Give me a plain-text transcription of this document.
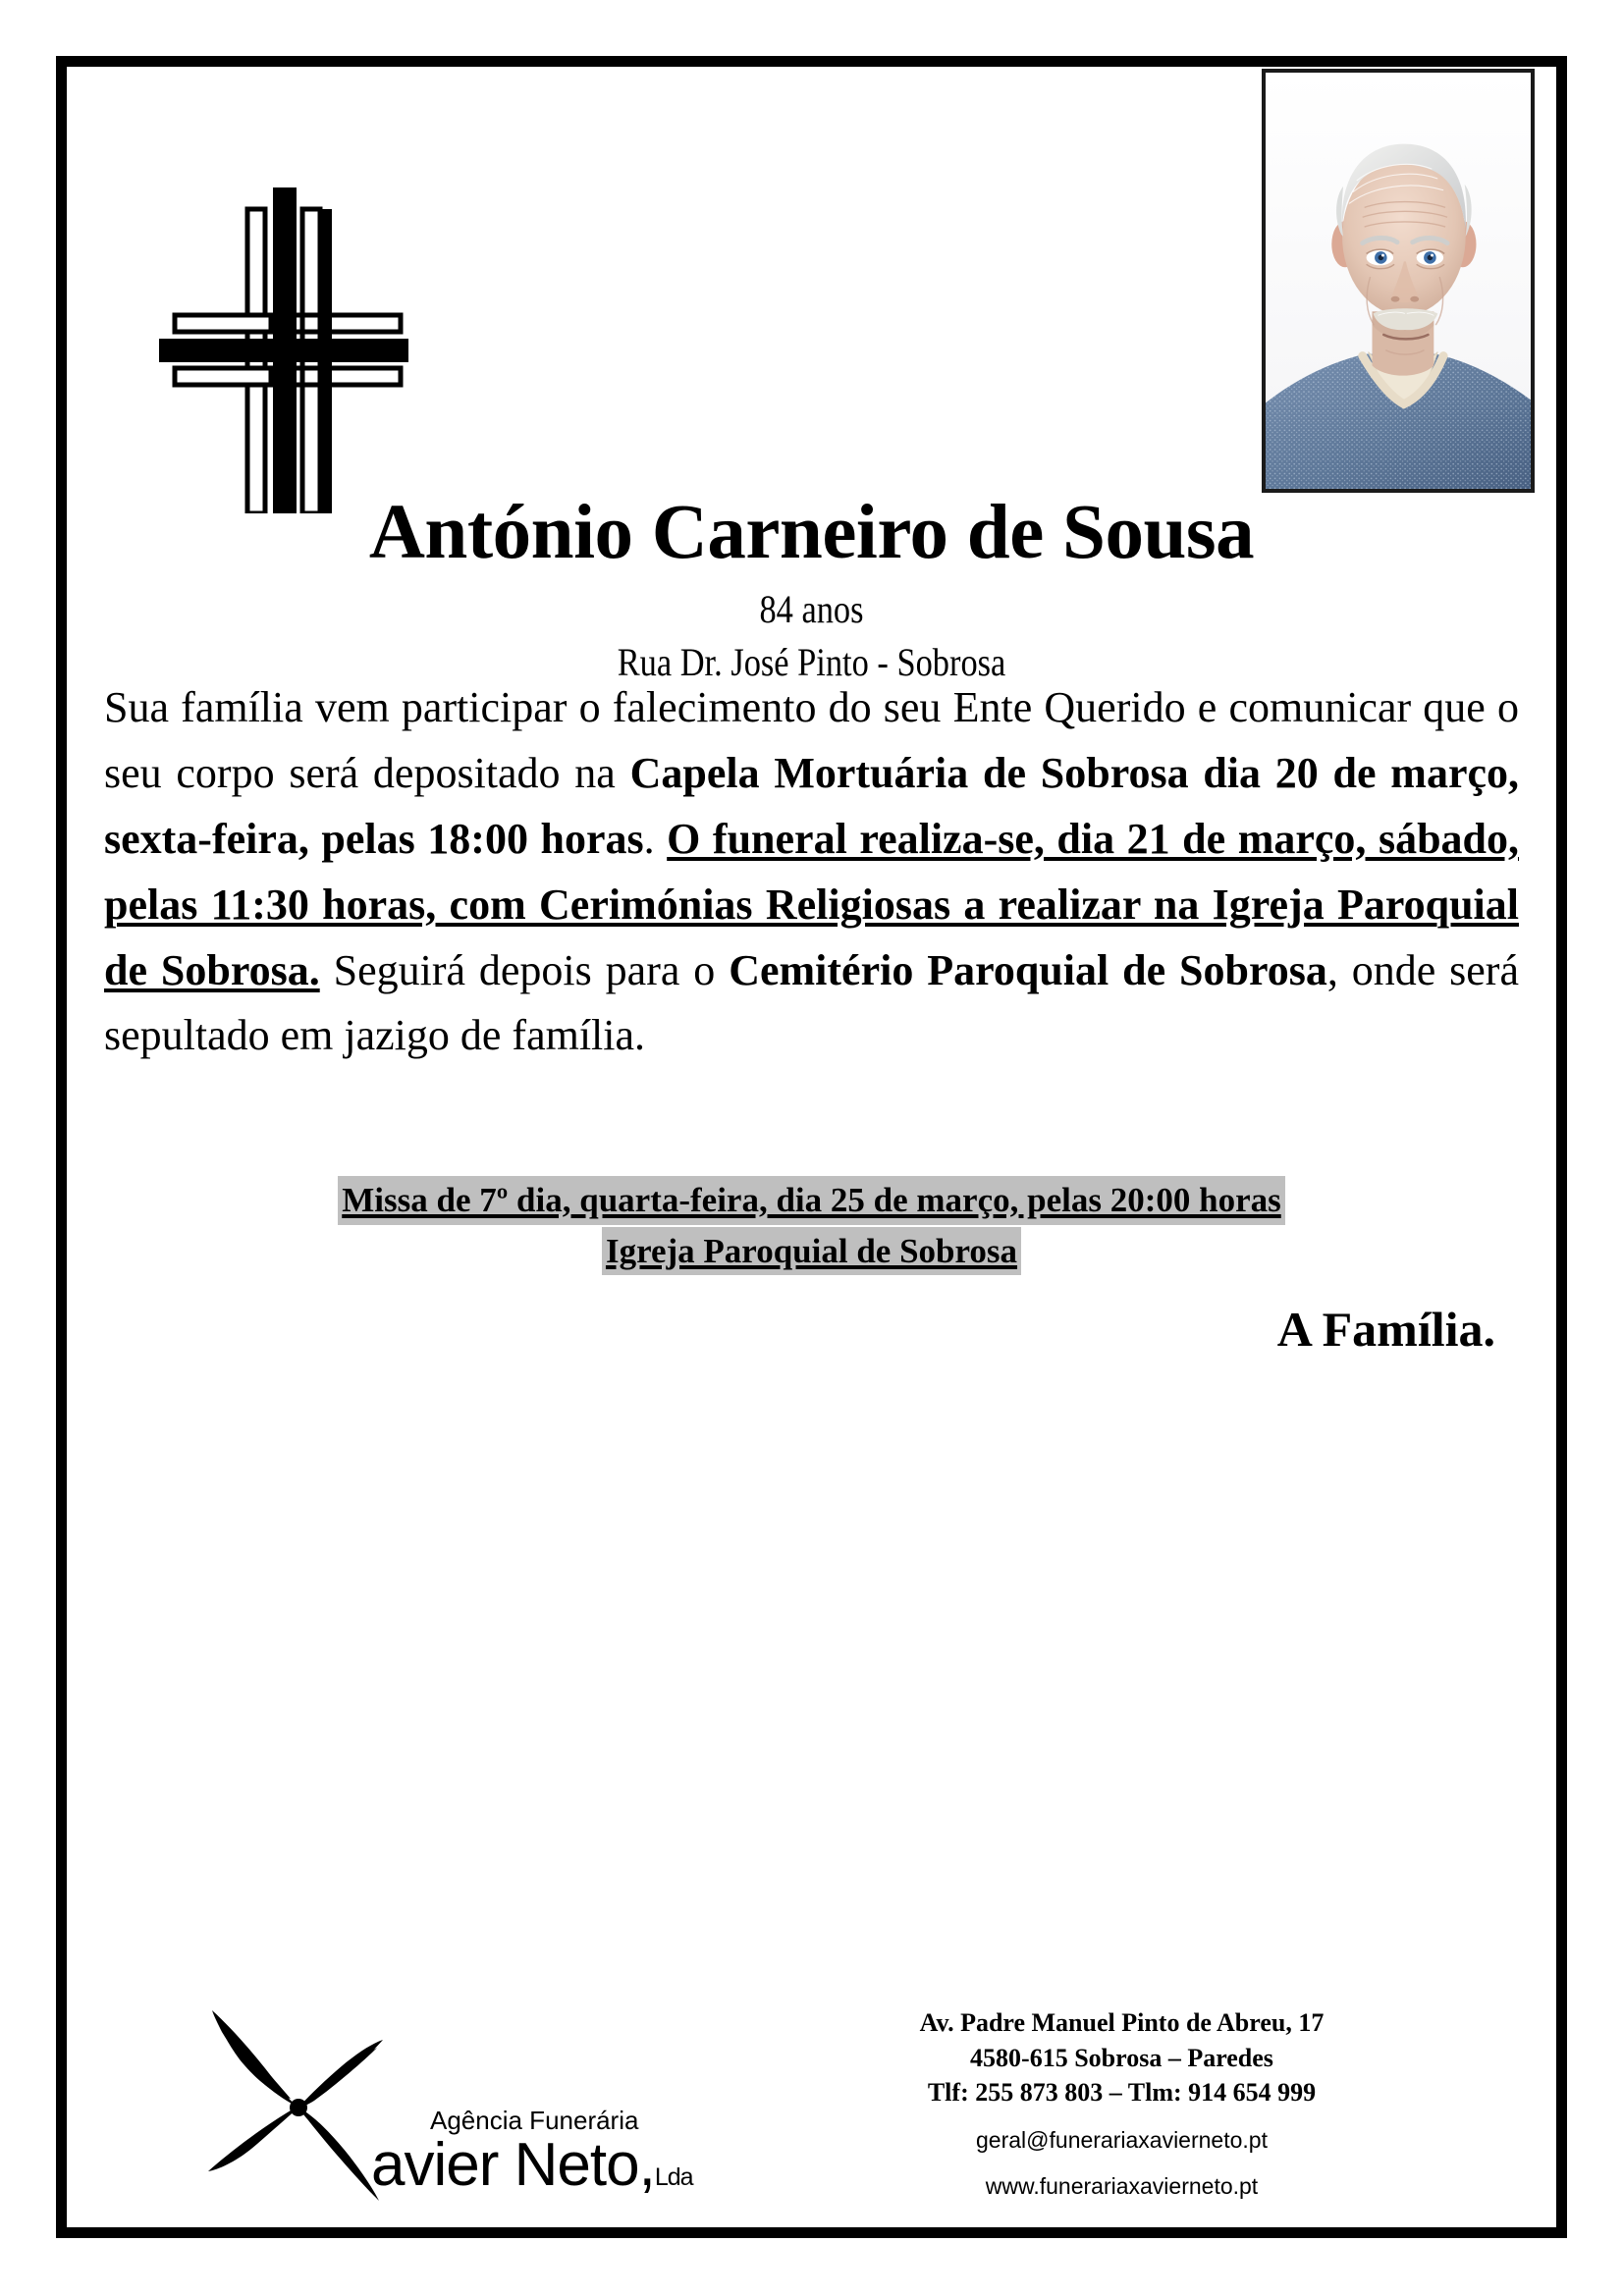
António Carneiro de Sousa
84 anos
Rua Dr. José Pinto - Sobrosa
Sua família vem participar o falecimento do seu Ente Querido e comunicar que o seu corpo será depositado na Capela Mortuária de Sobrosa dia 20 de março, sexta-feira, pelas 18:00 horas. O funeral realiza-se, dia 21 de março, sábado, pelas 11:30 horas, com Cerimónias Religiosas a realizar na Igreja Paroquial de Sobrosa. Seguirá depois para o Cemitério Paroquial de Sobrosa, onde será sepultado em jazigo de família.
Missa de 7º dia, quarta-feira, dia 25 de março, pelas 20:00 horas
Igreja Paroquial de Sobrosa
A Família.
Agência Funerária
avier Neto,Lda
Av. Padre Manuel Pinto de Abreu, 17
4580-615 Sobrosa – Paredes
Tlf: 255 873 803 – Tlm: 914 654 999
geral@funerariaxavierneto.pt
www.funerariaxavierneto.pt
